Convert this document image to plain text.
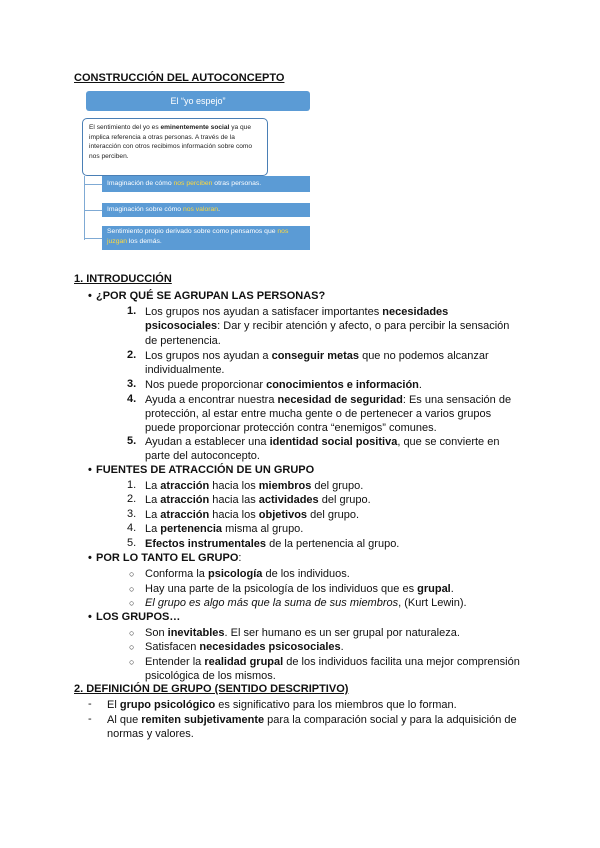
CONSTRUCCIÓN DEL AUTOCONCEPTO
El “yo espejo”
El sentimiento del yo es eminentemente social ya que implica referencia a otras personas. A través de la interacción con otros recibimos información sobre como nos perciben.
Imaginación de cómo nos perciben otras personas.
Imaginación sobre cómo nos valoran.
Sentimiento propio derivado sobre como pensamos que nos juzgan los demás.
1. INTRODUCCIÓN
• ¿POR QUÉ SE AGRUPAN LAS PERSONAS?
1. Los grupos nos ayudan a satisfacer importantes necesidades
psicosociales: Dar y recibir atención y afecto, o para percibir la sensación
de pertenencia.
2. Los grupos nos ayudan a conseguir metas que no podemos alcanzar
individualmente.
3. Nos puede proporcionar conocimientos e información.
4. Ayuda a encontrar nuestra necesidad de seguridad: Es una sensación de
protección, al estar entre mucha gente o de pertenecer a varios grupos
puede proporcionar protección contra “enemigos” comunes.
5. Ayudan a establecer una identidad social positiva, que se convierte en
parte del autoconcepto.
• FUENTES DE ATRACCIÓN DE UN GRUPO
1. La atracción hacia los miembros del grupo.
2. La atracción hacia las actividades del grupo.
3. La atracción hacia los objetivos del grupo.
4. La pertenencia misma al grupo.
5. Efectos instrumentales de la pertenencia al grupo.
• POR LO TANTO EL GRUPO:
○ Conforma la psicología de los individuos.
○ Hay una parte de la psicología de los individuos que es grupal.
○ El grupo es algo más que la suma de sus miembros, (Kurt Lewin).
• LOS GRUPOS…
○ Son inevitables. El ser humano es un ser grupal por naturaleza.
○ Satisfacen necesidades psicosociales.
○ Entender la realidad grupal de los individuos facilita una mejor comprensión
psicológica de los mismos.
2. DEFINICIÓN DE GRUPO (SENTIDO DESCRIPTIVO)
- El grupo psicológico es significativo para los miembros que lo forman.
- Al que remiten subjetivamente para la comparación social y para la adquisición de
normas y valores.
